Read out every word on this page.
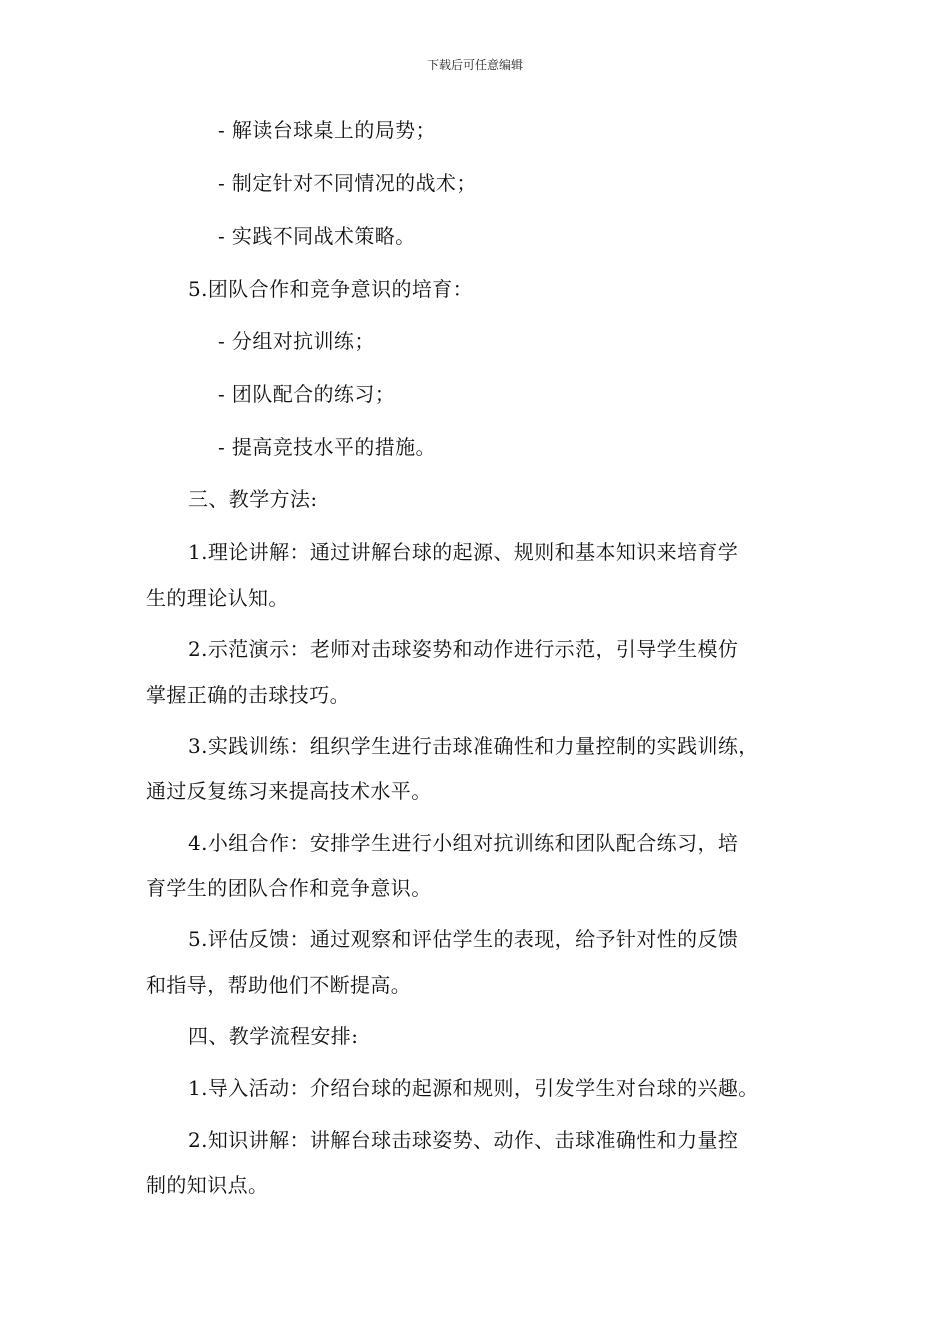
下载后可任意编辑
- 解读台球桌上的局势；
- 制定针对不同情况的战术；
- 实践不同战术策略。
5.团队合作和竞争意识的培育：
- 分组对抗训练；
- 团队配合的练习；
- 提高竞技水平的措施。
三、教学方法:
1.理论讲解：通过讲解台球的起源、规则和基本知识来培育学
生的理论认知。
2.示范演示：老师对击球姿势和动作进行示范，引导学生模仿
掌握正确的击球技巧。
3.实践训练：组织学生进行击球准确性和力量控制的实践训练，
通过反复练习来提高技术水平。
4.小组合作：安排学生进行小组对抗训练和团队配合练习，培
育学生的团队合作和竞争意识。
5.评估反馈：通过观察和评估学生的表现，给予针对性的反馈
和指导，帮助他们不断提高。
四、教学流程安排:
1.导入活动：介绍台球的起源和规则，引发学生对台球的兴趣。
2.知识讲解：讲解台球击球姿势、动作、击球准确性和力量控
制的知识点。
